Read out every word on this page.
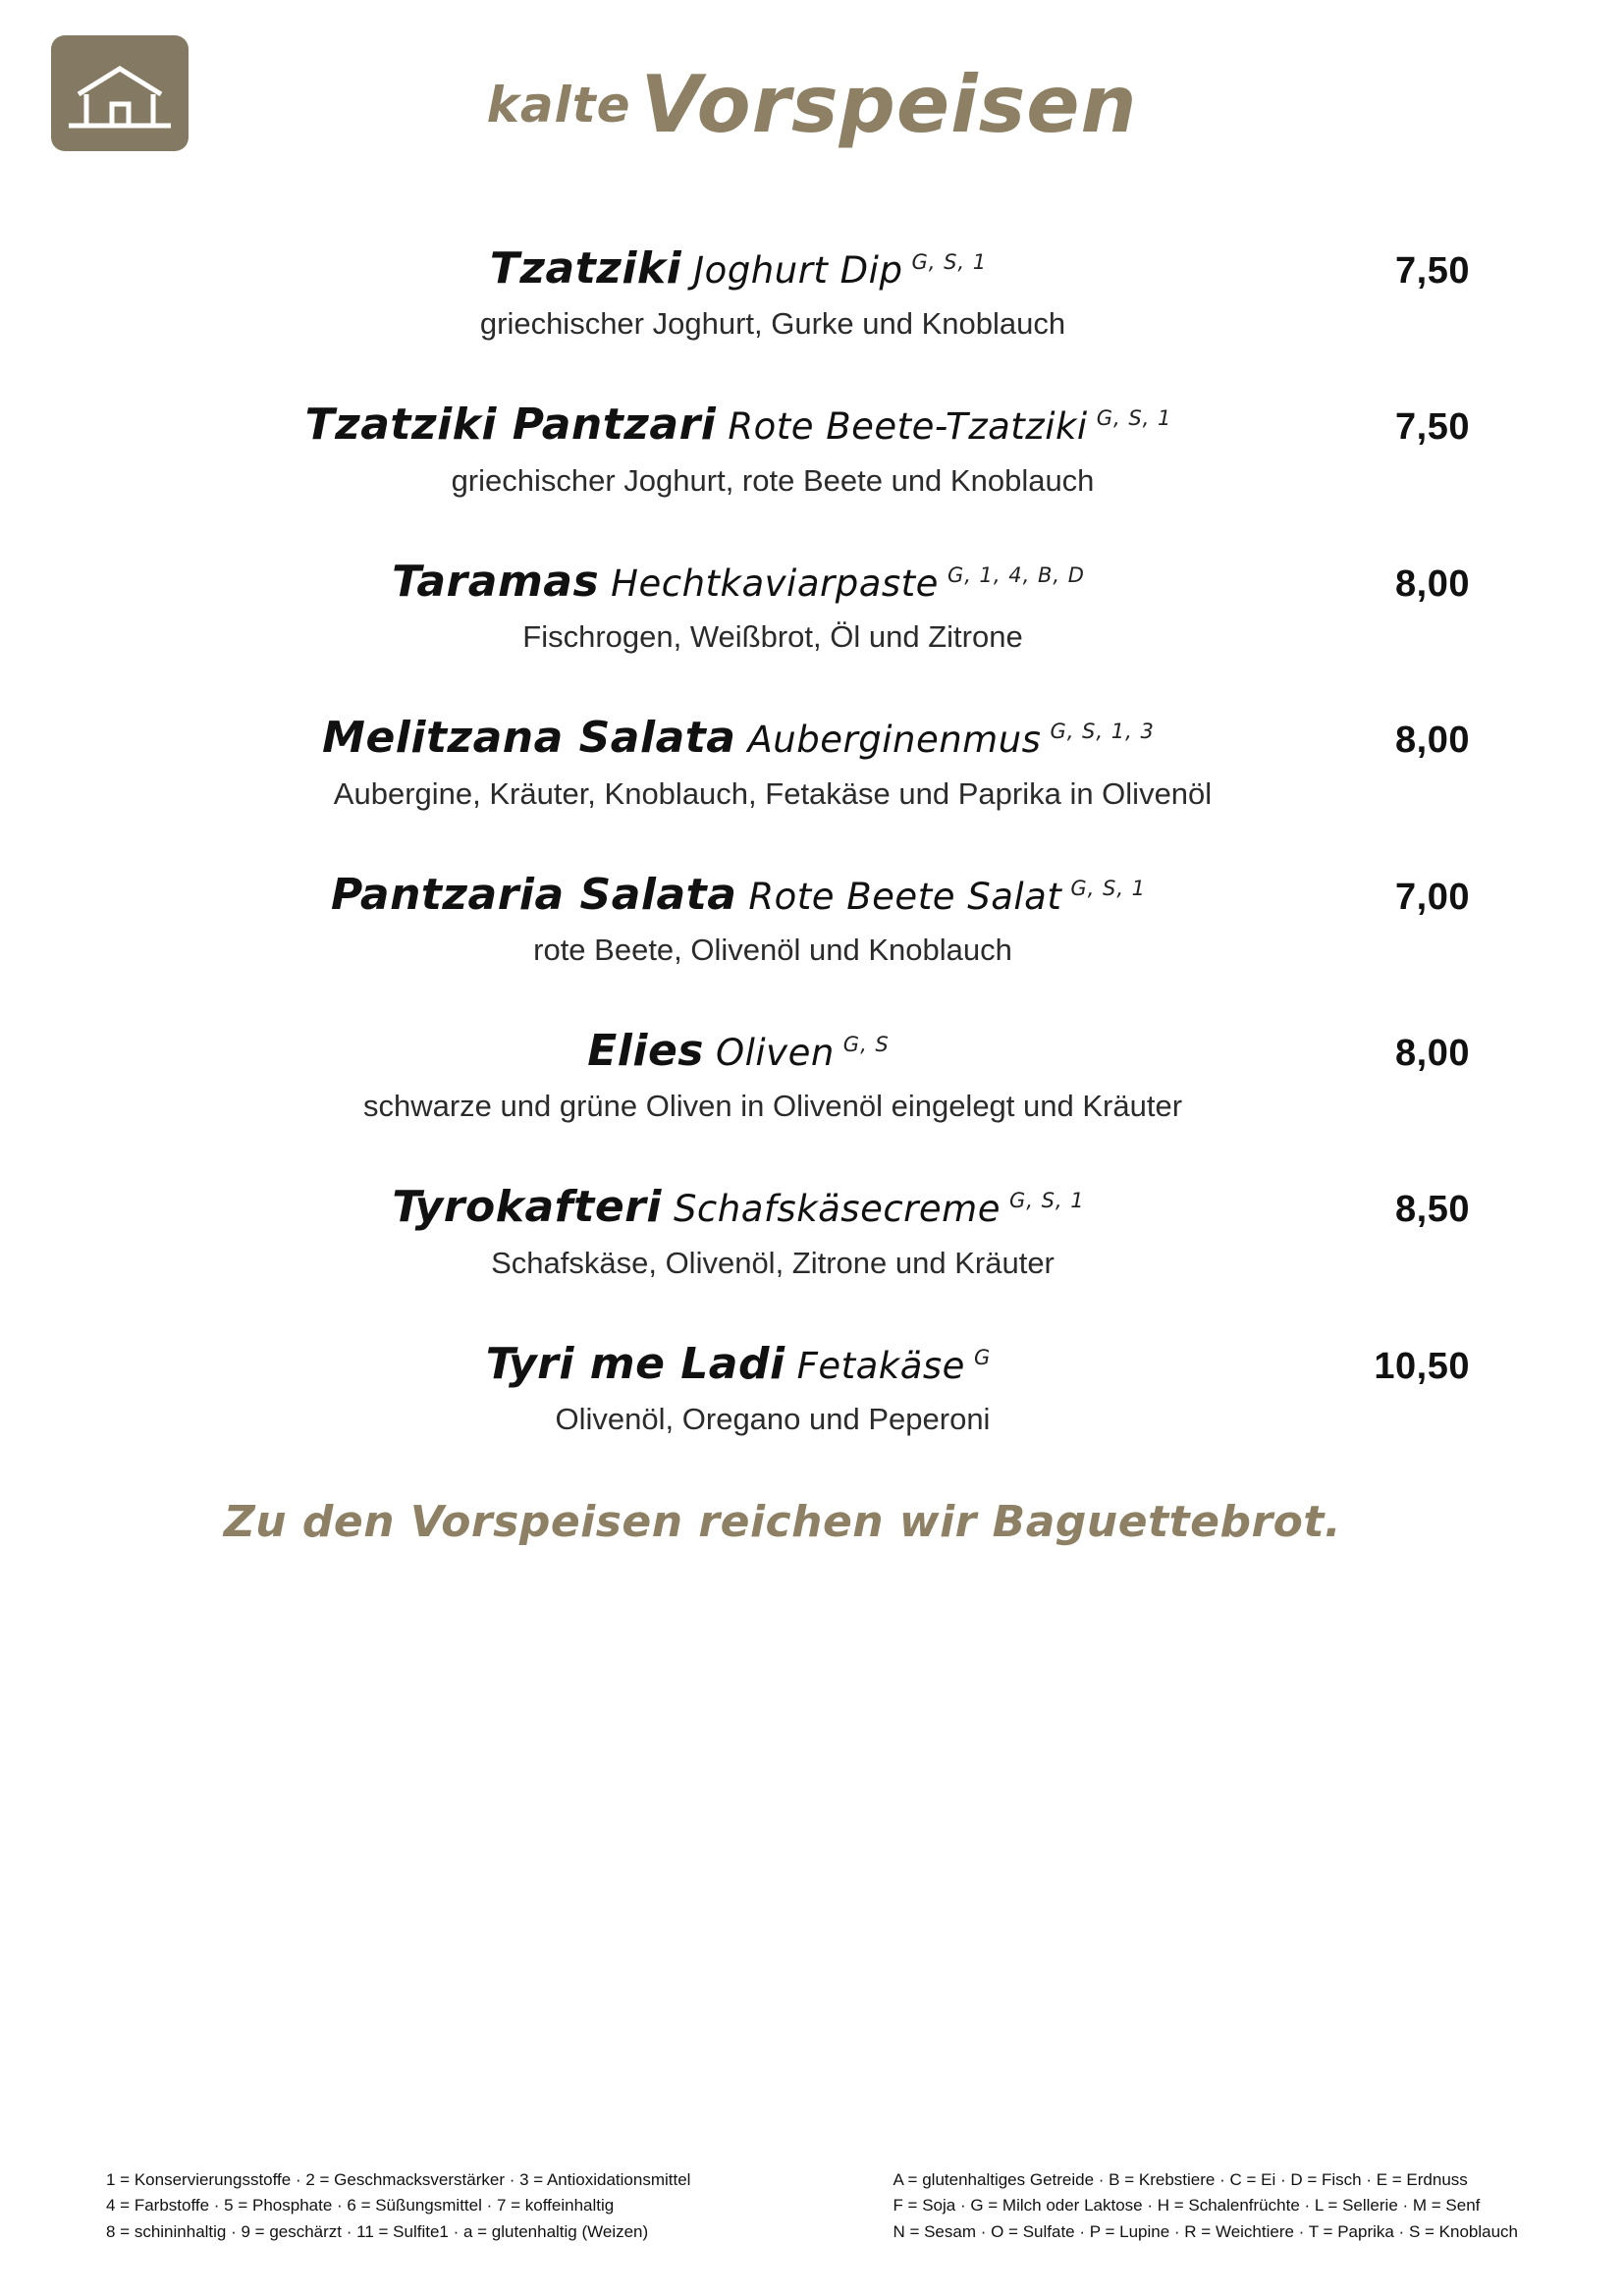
kalte Vorspeisen
Tzatziki Joghurt Dip G, S, 1	7,50
griechischer Joghurt, Gurke und Knoblauch
Tzatziki Pantzari Rote Beete-Tzatziki G, S, 1	7,50
griechischer Joghurt, rote Beete und Knoblauch
Taramas Hechtkaviarpaste G, 1, 4, B, D	8,00
Fischrogen, Weißbrot, Öl und Zitrone
Melitzana Salata Auberginenmus G, S, 1, 3	8,00
Aubergine, Kräuter, Knoblauch, Fetakäse und Paprika in Olivenöl
Pantzaria Salata Rote Beete Salat G, S, 1	7,00
rote Beete, Olivenöl und Knoblauch
Elies Oliven G, S	8,00
schwarze und grüne Oliven in Olivenöl eingelegt und Kräuter
Tyrokafteri Schafskäsecreme G, S, 1	8,50
Schafskäse, Olivenöl, Zitrone und Kräuter
Tyri me Ladi Fetakäse G	10,50
Olivenöl, Oregano und Peperoni
Zu den Vorspeisen reichen wir Baguettebrot.
1 = Konservierungsstoffe · 2 = Geschmacksverstärker · 3 = Antioxidationsmittel
4 = Farbstoffe · 5 = Phosphate · 6 = Süßungsmittel · 7 = koffeinhaltig
8 = schininhaltig · 9 = geschärzt · 11 = Sulfite1 · a = glutenhaltig (Weizen)
A = glutenhaltiges Getreide · B = Krebstiere · C = Ei · D = Fisch · E = Erdnuss
F = Soja · G = Milch oder Laktose · H = Schalenfrüchte · L = Sellerie · M = Senf
N = Sesam · O = Sulfate · P = Lupine · R = Weichtiere · T = Paprika · S = Knoblauch
